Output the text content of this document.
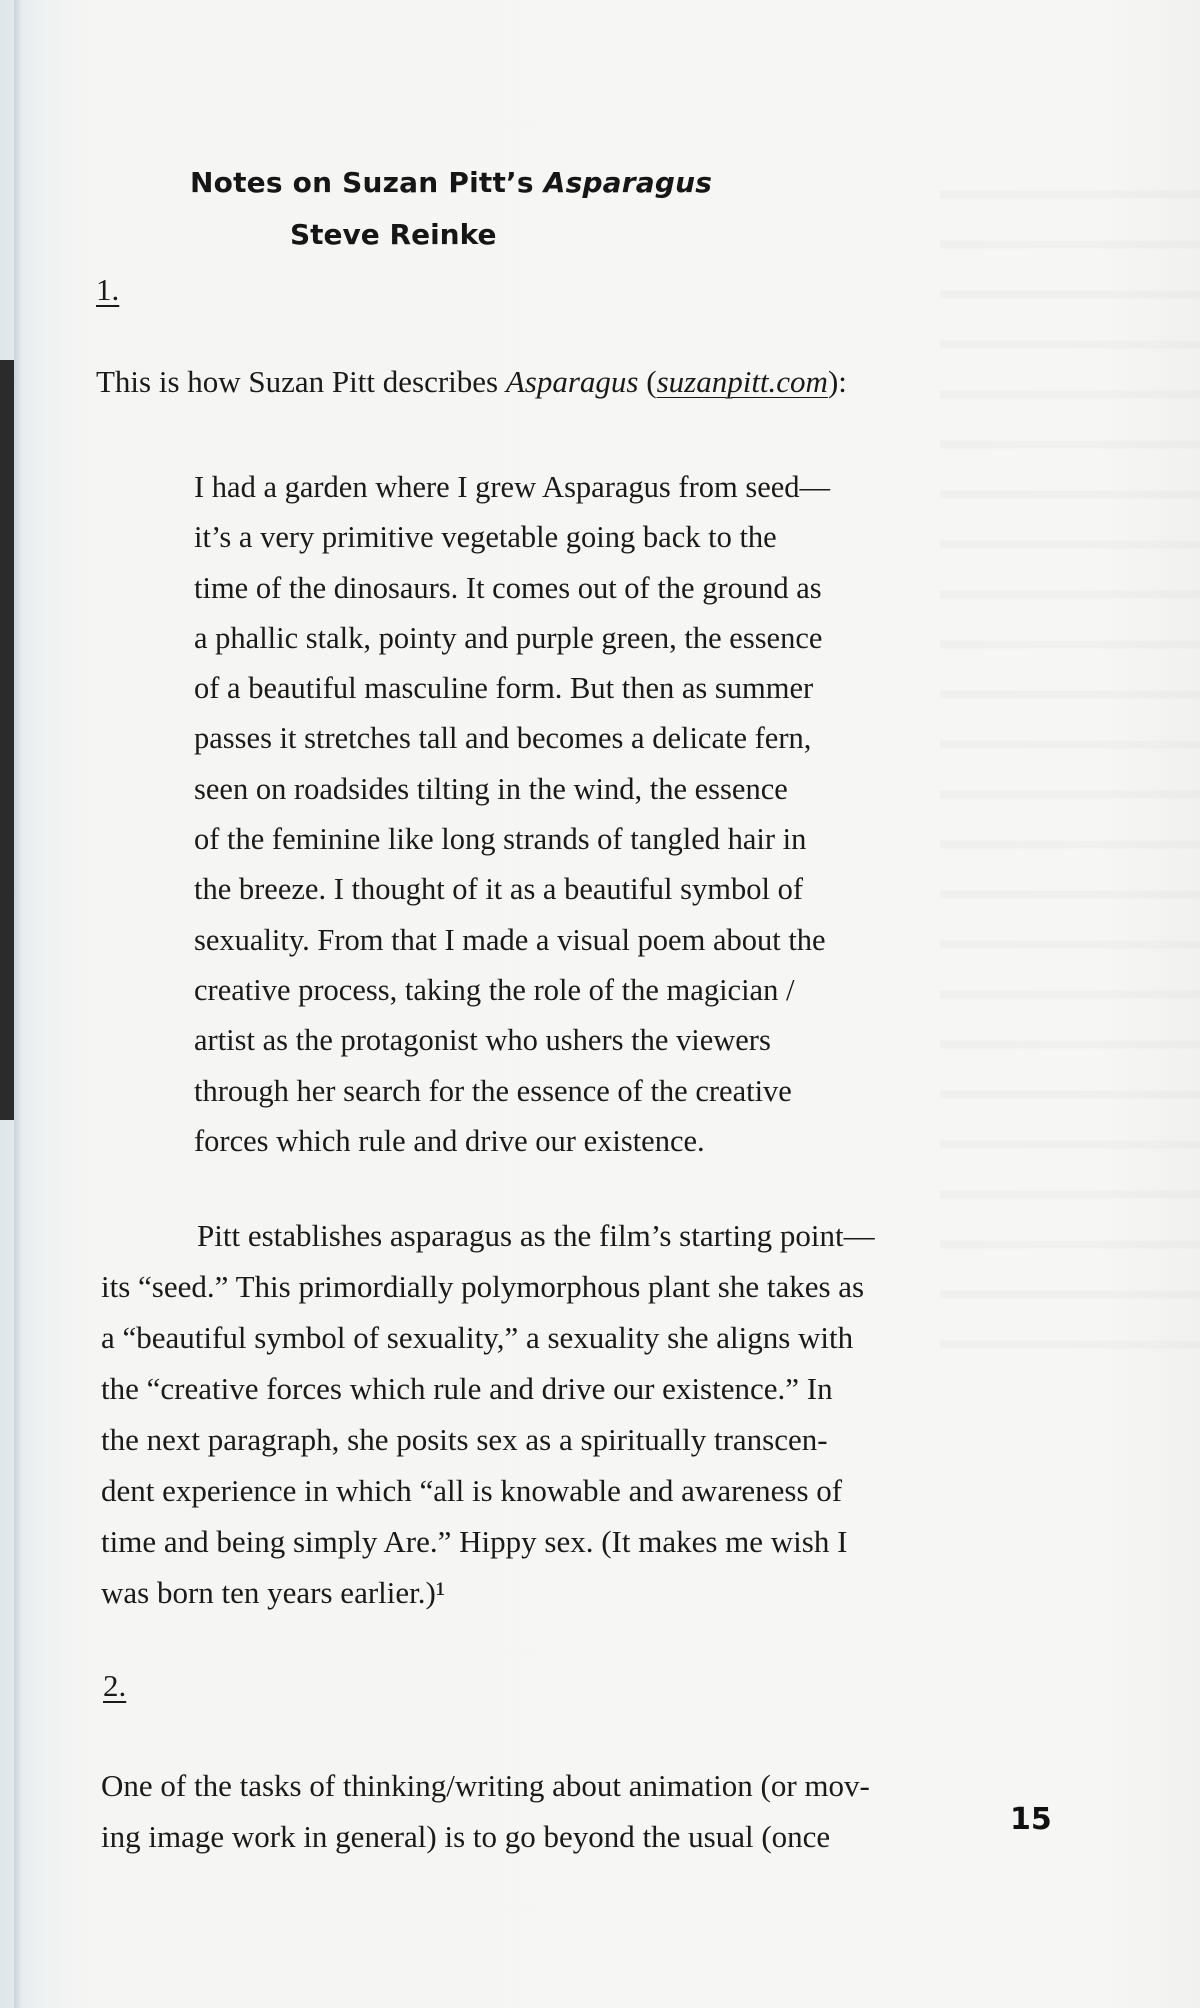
Notes on Suzan Pitt’s Asparagus
Steve Reinke
1.
This is how Suzan Pitt describes Asparagus (suzanpitt.com):
I had a garden where I grew Asparagus from seed—
it’s a very primitive vegetable going back to the
time of the dinosaurs. It comes out of the ground as
a phallic stalk, pointy and purple green, the essence
of a beautiful masculine form. But then as summer
passes it stretches tall and becomes a delicate fern,
seen on roadsides tilting in the wind, the essence
of the feminine like long strands of tangled hair in
the breeze. I thought of it as a beautiful symbol of
sexuality. From that I made a visual poem about the
creative process, taking the role of the magician /
artist as the protagonist who ushers the viewers
through her search for the essence of the creative
forces which rule and drive our existence.
Pitt establishes asparagus as the film’s starting point—
its “seed.” This primordially polymorphous plant she takes as
a “beautiful symbol of sexuality,” a sexuality she aligns with
the “creative forces which rule and drive our existence.” In
the next paragraph, she posits sex as a spiritually transcen-
dent experience in which “all is knowable and awareness of
time and being simply Are.” Hippy sex. (It makes me wish I
was born ten years earlier.)¹
2.
One of the tasks of thinking/writing about animation (or mov-
ing image work in general) is to go beyond the usual (once	15
